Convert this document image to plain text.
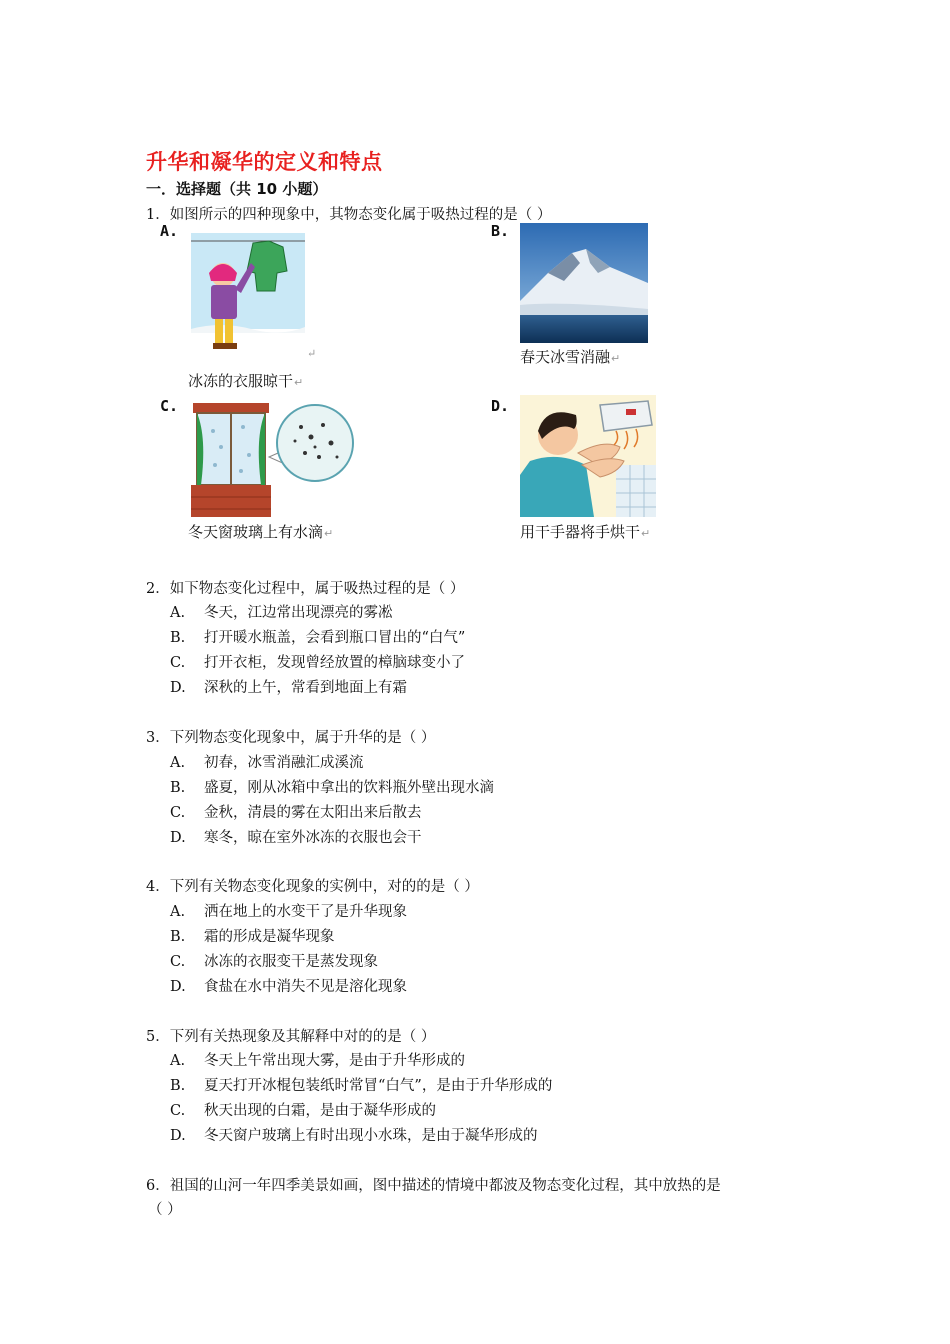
升华和凝华的定义和特点
一．选择题（共 10 小题）
1．如图所示的四种现象中，其物态变化属于吸热过程的是（ ）
A.
↵
冰冻的衣服晾干↵
B.
春天冰雪消融↵
C.
冬天窗玻璃上有水滴↵
D.
用干手器将手烘干↵
2．如下物态变化过程中，属于吸热过程的是（ ）
A. 冬天，江边常出现漂亮的雾凇
B. 打开暖水瓶盖，会看到瓶口冒出的“白气”
C. 打开衣柜，发现曾经放置的樟脑球变小了
D. 深秋的上午，常看到地面上有霜
3．下列物态变化现象中，属于升华的是（ ）
A. 初春，冰雪消融汇成溪流
B. 盛夏，刚从冰箱中拿出的饮料瓶外壁出现水滴
C. 金秋，清晨的雾在太阳出来后散去
D. 寒冬，晾在室外冰冻的衣服也会干
4．下列有关物态变化现象的实例中，对的的是（ ）
A. 洒在地上的水变干了是升华现象
B. 霜的形成是凝华现象
C. 冰冻的衣服变干是蒸发现象
D. 食盐在水中消失不见是溶化现象
5．下列有关热现象及其解释中对的的是（ ）
A. 冬天上午常出现大雾，是由于升华形成的
B. 夏天打开冰棍包装纸时常冒“白气”，是由于升华形成的
C. 秋天出现的白霜，是由于凝华形成的
D. 冬天窗户玻璃上有时出现小水珠，是由于凝华形成的
6．祖国的山河一年四季美景如画，图中描述的情境中都波及物态变化过程，其中放热的是
（ ）
